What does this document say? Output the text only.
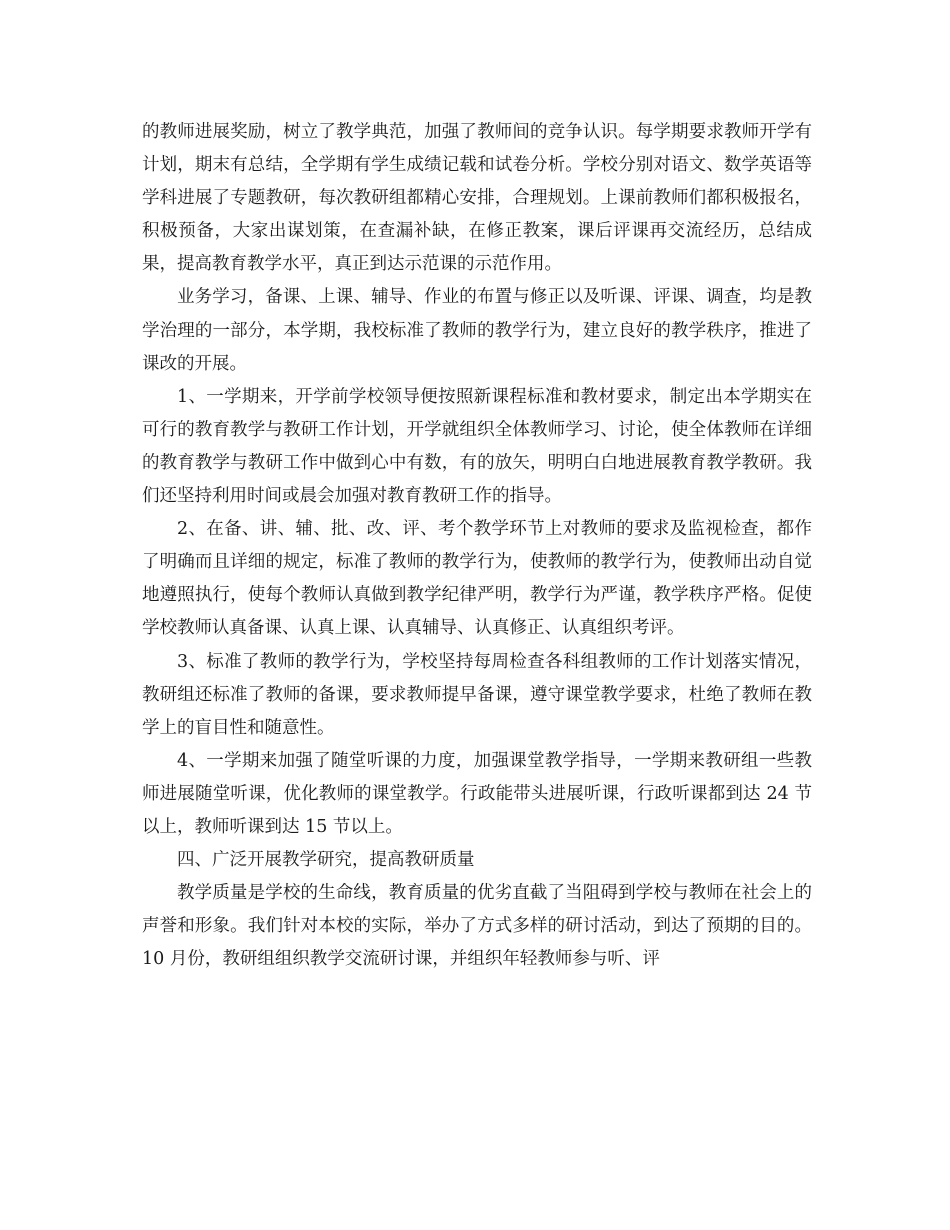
的教师进展奖励，树立了教学典范，加强了教师间的竞争认识。每学期要求教师开学有计划，期末有总结，全学期有学生成绩记载和试卷分析。学校分别对语文、数学英语等学科进展了专题教研，每次教研组都精心安排，合理规划。上课前教师们都积极报名，积极预备，大家出谋划策，在查漏补缺，在修正教案，课后评课再交流经历，总结成果，提高教育教学水平，真正到达示范课的示范作用。

业务学习，备课、上课、辅导、作业的布置与修正以及听课、评课、调查，均是教学治理的一部分，本学期，我校标准了教师的教学行为，建立良好的教学秩序，推进了课改的开展。

1、一学期来，开学前学校领导便按照新课程标准和教材要求，制定出本学期实在可行的教育教学与教研工作计划，开学就组织全体教师学习、讨论，使全体教师在详细的教育教学与教研工作中做到心中有数，有的放矢，明明白白地进展教育教学教研。我们还坚持利用时间或晨会加强对教育教研工作的指导。

2、在备、讲、辅、批、改、评、考个教学环节上对教师的要求及监视检查，都作了明确而且详细的规定，标准了教师的教学行为，使教师的教学行为，使教师出动自觉地遵照执行，使每个教师认真做到教学纪律严明，教学行为严谨，教学秩序严格。促使学校教师认真备课、认真上课、认真辅导、认真修正、认真组织考评。

3、标准了教师的教学行为，学校坚持每周检查各科组教师的工作计划落实情况，教研组还标准了教师的备课，要求教师提早备课，遵守课堂教学要求，杜绝了教师在教学上的盲目性和随意性。

4、一学期来加强了随堂听课的力度，加强课堂教学指导，一学期来教研组一些教师进展随堂听课，优化教师的课堂教学。行政能带头进展听课，行政听课都到达 24 节以上，教师听课到达 15 节以上。

四、广泛开展教学研究，提高教研质量

教学质量是学校的生命线，教育质量的优劣直截了当阻碍到学校与教师在社会上的声誉和形象。我们针对本校的实际，举办了方式多样的研讨活动，到达了预期的目的。10 月份，教研组组织教学交流研讨课，并组织年轻教师参与听、评
